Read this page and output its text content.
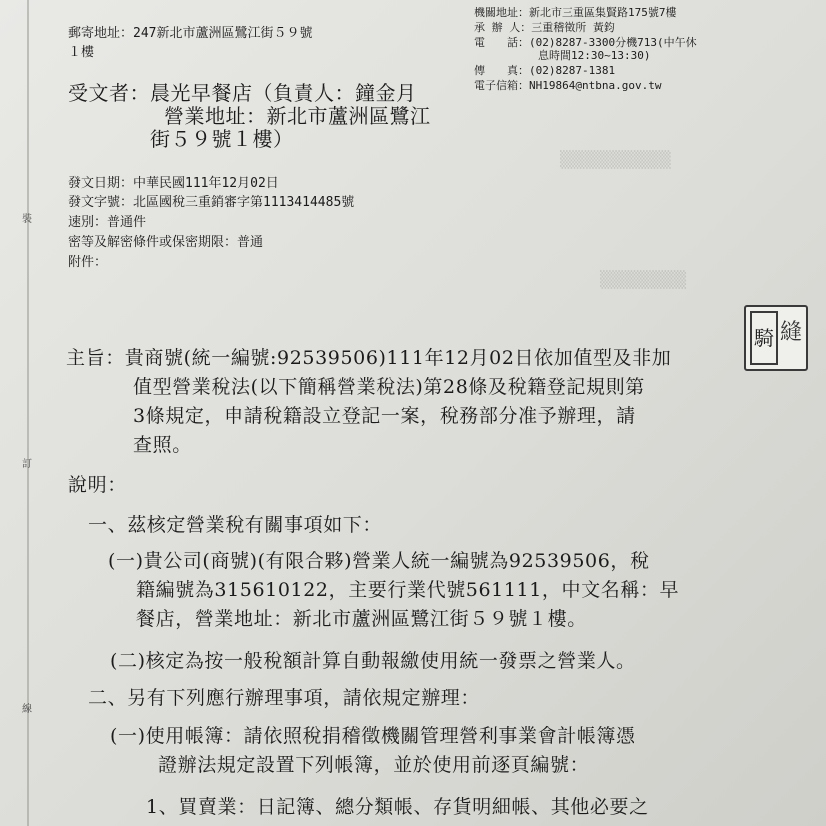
裝
訂
線
郵寄地址：247新北市蘆洲區鷺江街５９號
１樓
機關地址：新北市三重區集賢路175號7樓
承 辦 人：三重稽徵所 黃鈞
電　　話：(02)8287-3300分機713(中午休
息時間12:30~13:30)
傳　　真：(02)8287-1381
電子信箱：NH19864@ntbna.gov.tw
受文者：晨光早餐店（負責人：鐘金月
營業地址：新北市蘆洲區鷺江
街５９號１樓）
▒▒▒▒▒▒▒▒▒
▒▒▒▒▒▒▒
發文日期：中華民國111年12月02日
發文字號：北區國稅三重銷審字第1113414485號
速別：普通件
密等及解密條件或保密期限：普通
附件：
騎 縫
主旨：貴商號(統一編號:92539506)111年12月02日依加值型及非加
值型營業稅法(以下簡稱營業稅法)第28條及稅籍登記規則第
3條規定，申請稅籍設立登記一案，稅務部分准予辦理，請
查照。
說明：
一、茲核定營業稅有關事項如下：
(一)貴公司(商號)(有限合夥)營業人統一編號為92539506，稅
籍編號為315610122，主要行業代號561111，中文名稱：早
餐店，營業地址：新北市蘆洲區鷺江街５９號１樓。
(二)核定為按一般稅額計算自動報繳使用統一發票之營業人。
二、另有下列應行辦理事項，請依規定辦理：
(一)使用帳簿：請依照稅捐稽徵機關管理營利事業會計帳簿憑
證辦法規定設置下列帳簿，並於使用前逐頁編號：
1、買賣業：日記簿、總分類帳、存貨明細帳、其他必要之
